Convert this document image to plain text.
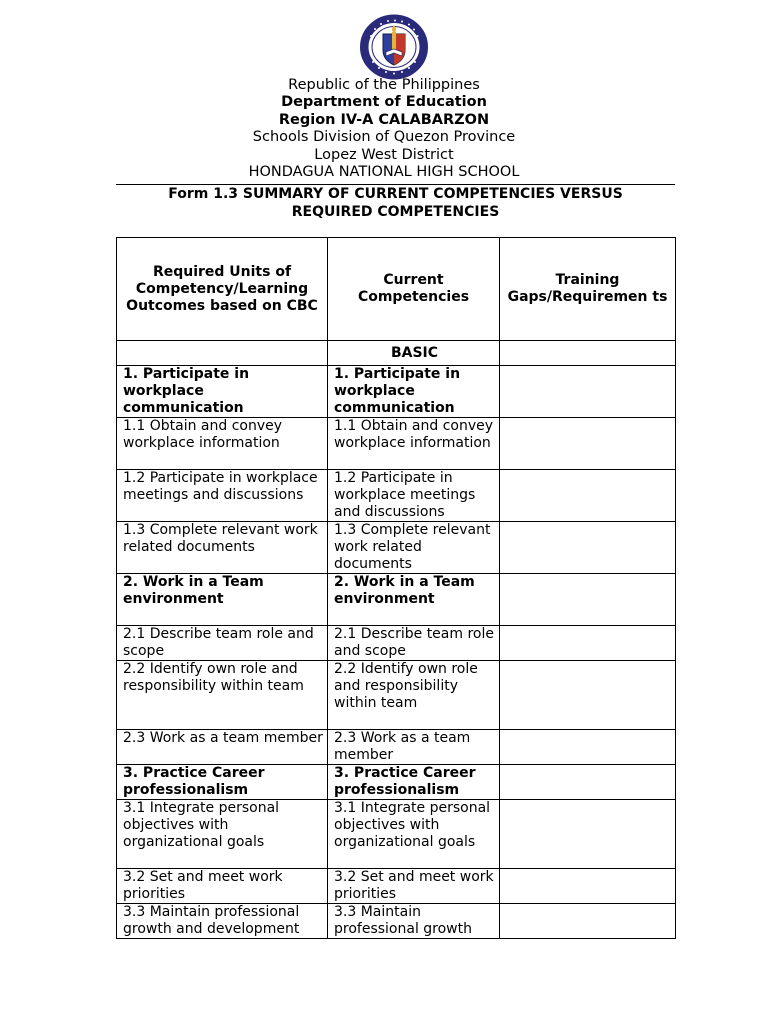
Republic of the Philippines
Department of Education
Region IV-A CALABARZON
Schools Division of Quezon Province
Lopez West District
HONDAGUA NATIONAL HIGH SCHOOL
Form 1.3 SUMMARY OF CURRENT COMPETENCIES VERSUS
REQUIRED COMPETENCIES
Required Units of Competency/Learning Outcomes based on CBC	Current Competencies	Training Gaps/Requiremen ts
	BASIC	
1. Participate in workplace communication	1. Participate in workplace communication	
1.1 Obtain and convey workplace information	1.1 Obtain and convey workplace information	
1.2 Participate in workplace meetings and discussions	1.2 Participate in workplace meetings and discussions	
1.3 Complete relevant work related documents	1.3 Complete relevant work related documents	
2. Work in a Team environment	2. Work in a Team environment	
2.1 Describe team role and scope	2.1 Describe team role and scope	
2.2 Identify own role and responsibility within team	2.2 Identify own role and responsibility within team	
2.3 Work as a team member	2.3 Work as a team member	
3. Practice Career professionalism	3. Practice Career professionalism	
3.1 Integrate personal objectives with organizational goals	3.1 Integrate personal objectives with organizational goals	
3.2 Set and meet work priorities	3.2 Set and meet work priorities	
3.3 Maintain professional growth and development	3.3 Maintain professional growth	
